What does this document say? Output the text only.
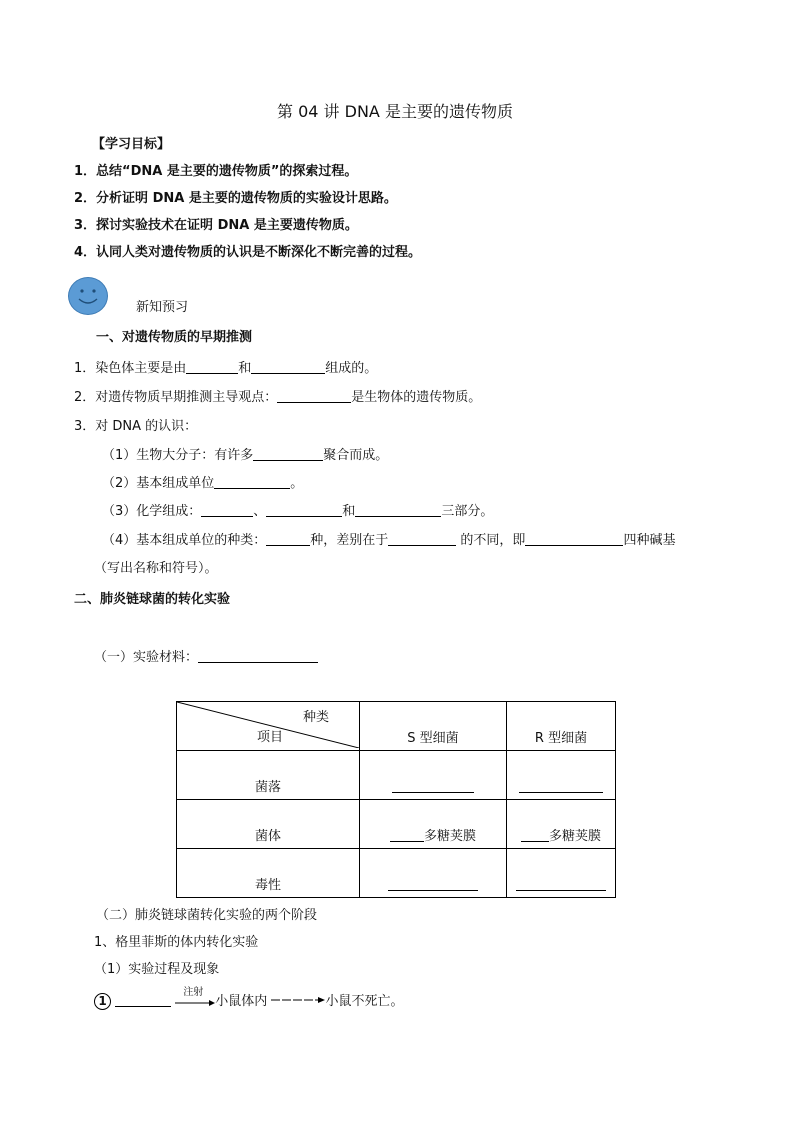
第 04 讲 DNA 是主要的遗传物质
【学习目标】
1．总结“DNA 是主要的遗传物质”的探索过程。
2．分析证明 DNA 是主要的遗传物质的实验设计思路。
3．探讨实验技术在证明 DNA 是主要遗传物质。
4．认同人类对遗传物质的认识是不断深化不断完善的过程。
新知预习
一、对遗传物质的早期推测
1．染色体主要是由	和	组成的。
2．对遗传物质早期推测主导观点：	是生物体的遗传物质。
3．对 DNA 的认识：
（1）生物大分子：有许多	聚合而成。
（2）基本组成单位	。
（3）化学组成：	、	和	三部分。
（4）基本组成单位的种类：	种，差别在于	的不同，即	四种碱基
（写出名称和符号）。
二、肺炎链球菌的转化实验
（一）实验材料：
种类
项目	S 型细菌	R 型细菌
菌落		
菌体	多糖荚膜	多糖荚膜
毒性		
（二）肺炎链球菌转化实验的两个阶段
1、格里菲斯的体内转化实验
（1）实验过程及现象
1
注射
小鼠体内	小鼠不死亡。
